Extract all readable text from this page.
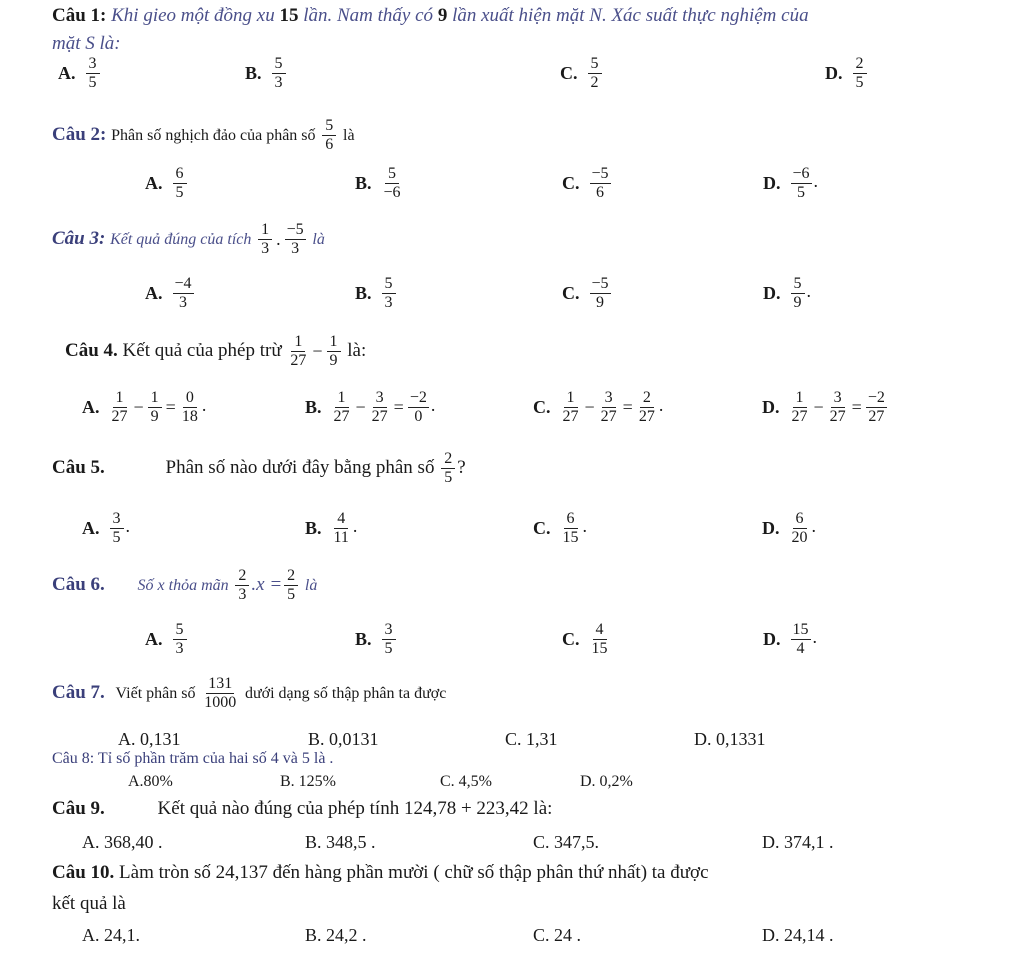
Câu 1: Khi gieo một đồng xu 15 lần. Nam thấy có 9 lần xuất hiện mặt N. Xác suất thực nghiệm của
mặt S là:
A. $\frac{3}{5}$	B. $\frac{5}{3}$	C. $\frac{5}{2}$	D. $\frac{2}{5}$
Câu 2: Phân số nghịch đảo của phân số $\frac{5}{6}$ là
A. $\frac{6}{5}$	B. $\frac{5}{-6}$	C. $\frac{-5}{6}$	D. $\frac{-6}{5}$ .
Câu 3: Kết quả đúng của tích $\frac{1}{3}$ . $\frac{-5}{3}$ là
A. $\frac{-4}{3}$	B. $\frac{5}{3}$	C. $\frac{-5}{9}$	D. $\frac{5}{9}$ .
Câu 4. Kết quả của phép trừ $\frac{1}{27} - \frac{1}{9}$ là:
A. $\frac{1}{27} - \frac{1}{9} = \frac{0}{18}$ .	B. $\frac{1}{27} - \frac{3}{27} = \frac{-2}{0}$ .	C. $\frac{1}{27} - \frac{3}{27} = \frac{2}{27}$ .	D. $\frac{1}{27} - \frac{3}{27} = \frac{-2}{27}$
Câu 5.	Phân số nào dưới đây bằng phân số $\frac{2}{5}$ ?
A. $\frac{3}{5}$ .	B. $\frac{4}{11}$ .	C. $\frac{6}{15}$ .	D. $\frac{6}{20}$ .
Câu 6. Số x thỏa mãn $\frac{2}{3} .x = \frac{2}{5}$ là
A. $\frac{5}{3}$	B. $\frac{3}{5}$	C. $\frac{4}{15}$	D. $\frac{15}{4}$ .
Câu 7. Viết phân số $\frac{131}{1000}$ dưới dạng số thập phân ta được
A. 0,131	B. 0,0131	C. 1,31	D. 0,1331
Câu 8: Tỉ số phần trăm của hai số 4 và 5 là .
A.80%	B. 125%	C. 4,5%	D. 0,2%
Câu 9.	Kết quả nào đúng của phép tính 124,78 + 223,42 là:
A. 368,40 .	B. 348,5 .	C. 347,5.	D. 374,1 .
Câu 10. Làm tròn số 24,137 đến hàng phần mười ( chữ số thập phân thứ nhất) ta được
kết quả là
A. 24,1.	B. 24,2 .	C. 24 .	D. 24,14 .
